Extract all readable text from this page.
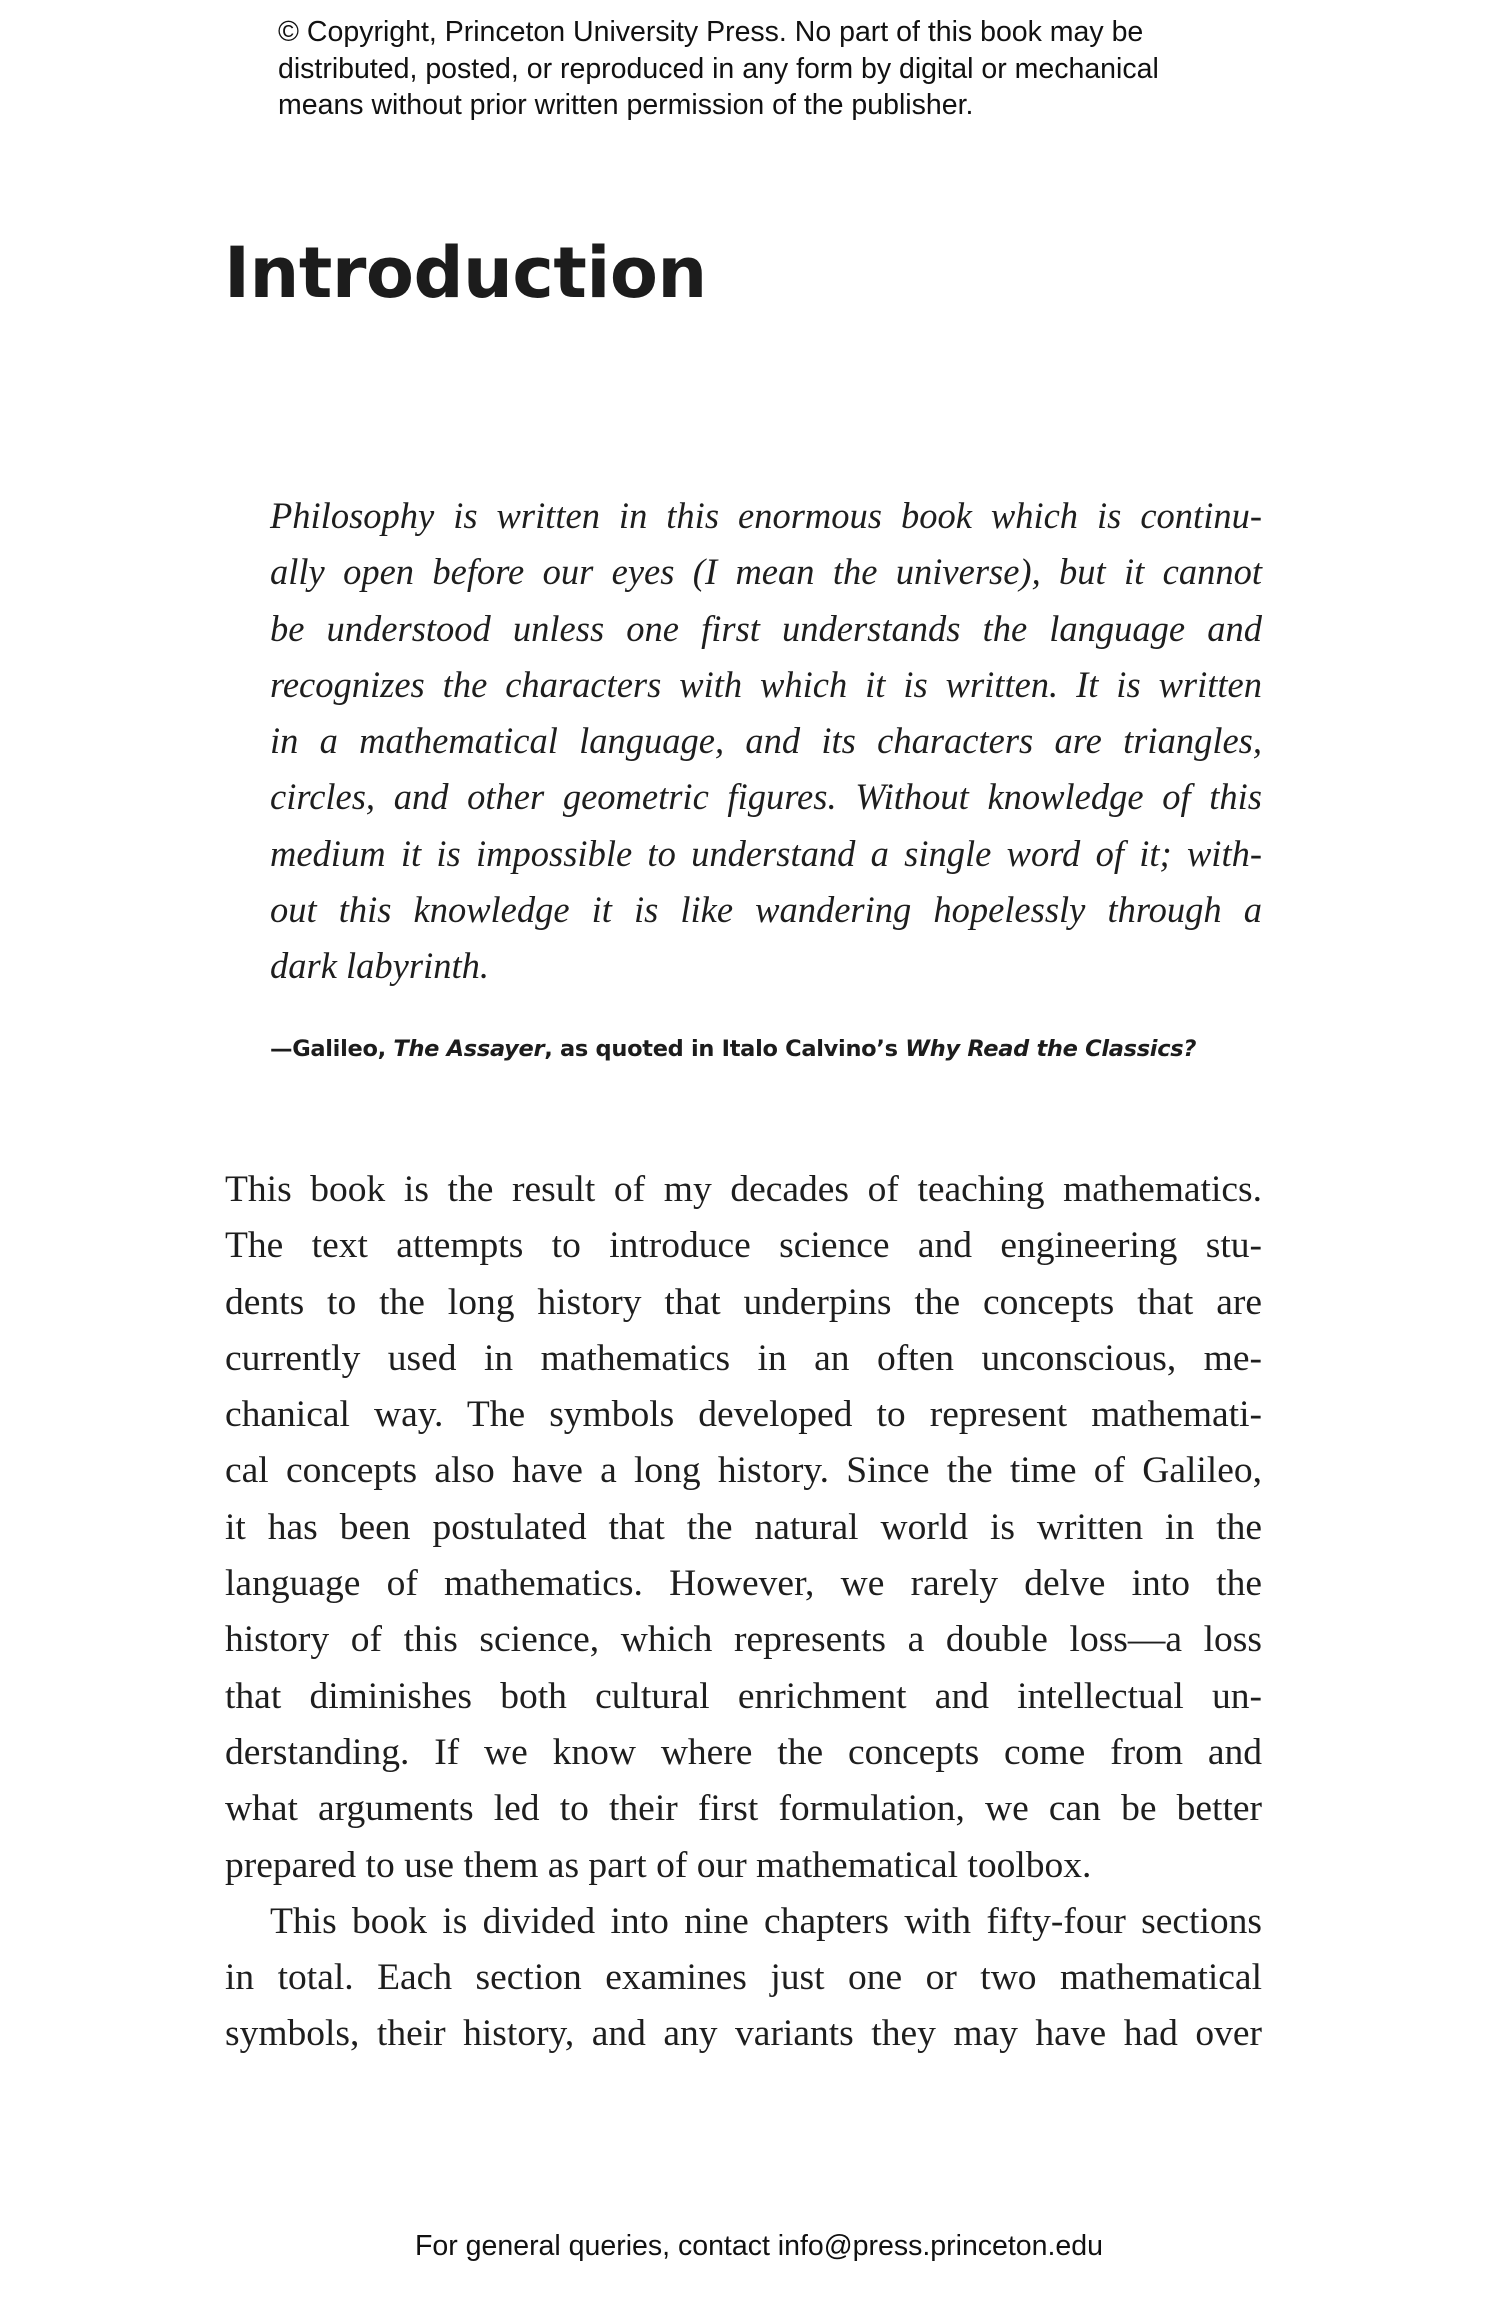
© Copyright, Princeton University Press. No part of this book may be
distributed, posted, or reproduced in any form by digital or mechanical
means without prior written permission of the publisher.
Introduction
Philosophy is written in this enormous book which is continu-
ally open before our eyes (I mean the universe), but it cannot
be understood unless one first understands the language and
recognizes the characters with which it is written. It is written
in a mathematical language, and its characters are triangles,
circles, and other geometric figures. Without knowledge of this
medium it is impossible to understand a single word of it; with-
out this knowledge it is like wandering hopelessly through a
dark labyrinth.
—Galileo, The Assayer, as quoted in Italo Calvino’s Why Read the Classics?
This book is the result of my decades of teaching mathematics.
The text attempts to introduce science and engineering stu-
dents to the long history that underpins the concepts that are
currently used in mathematics in an often unconscious, me-
chanical way. The symbols developed to represent mathemati-
cal concepts also have a long history. Since the time of Galileo,
it has been postulated that the natural world is written in the
language of mathematics. However, we rarely delve into the
history of this science, which represents a double loss—a loss
that diminishes both cultural enrichment and intellectual un-
derstanding. If we know where the concepts come from and
what arguments led to their first formulation, we can be better
prepared to use them as part of our mathematical toolbox.
This book is divided into nine chapters with fifty-four sections
in total. Each section examines just one or two mathematical
symbols, their history, and any variants they may have had over
For general queries, contact info@press.princeton.edu
